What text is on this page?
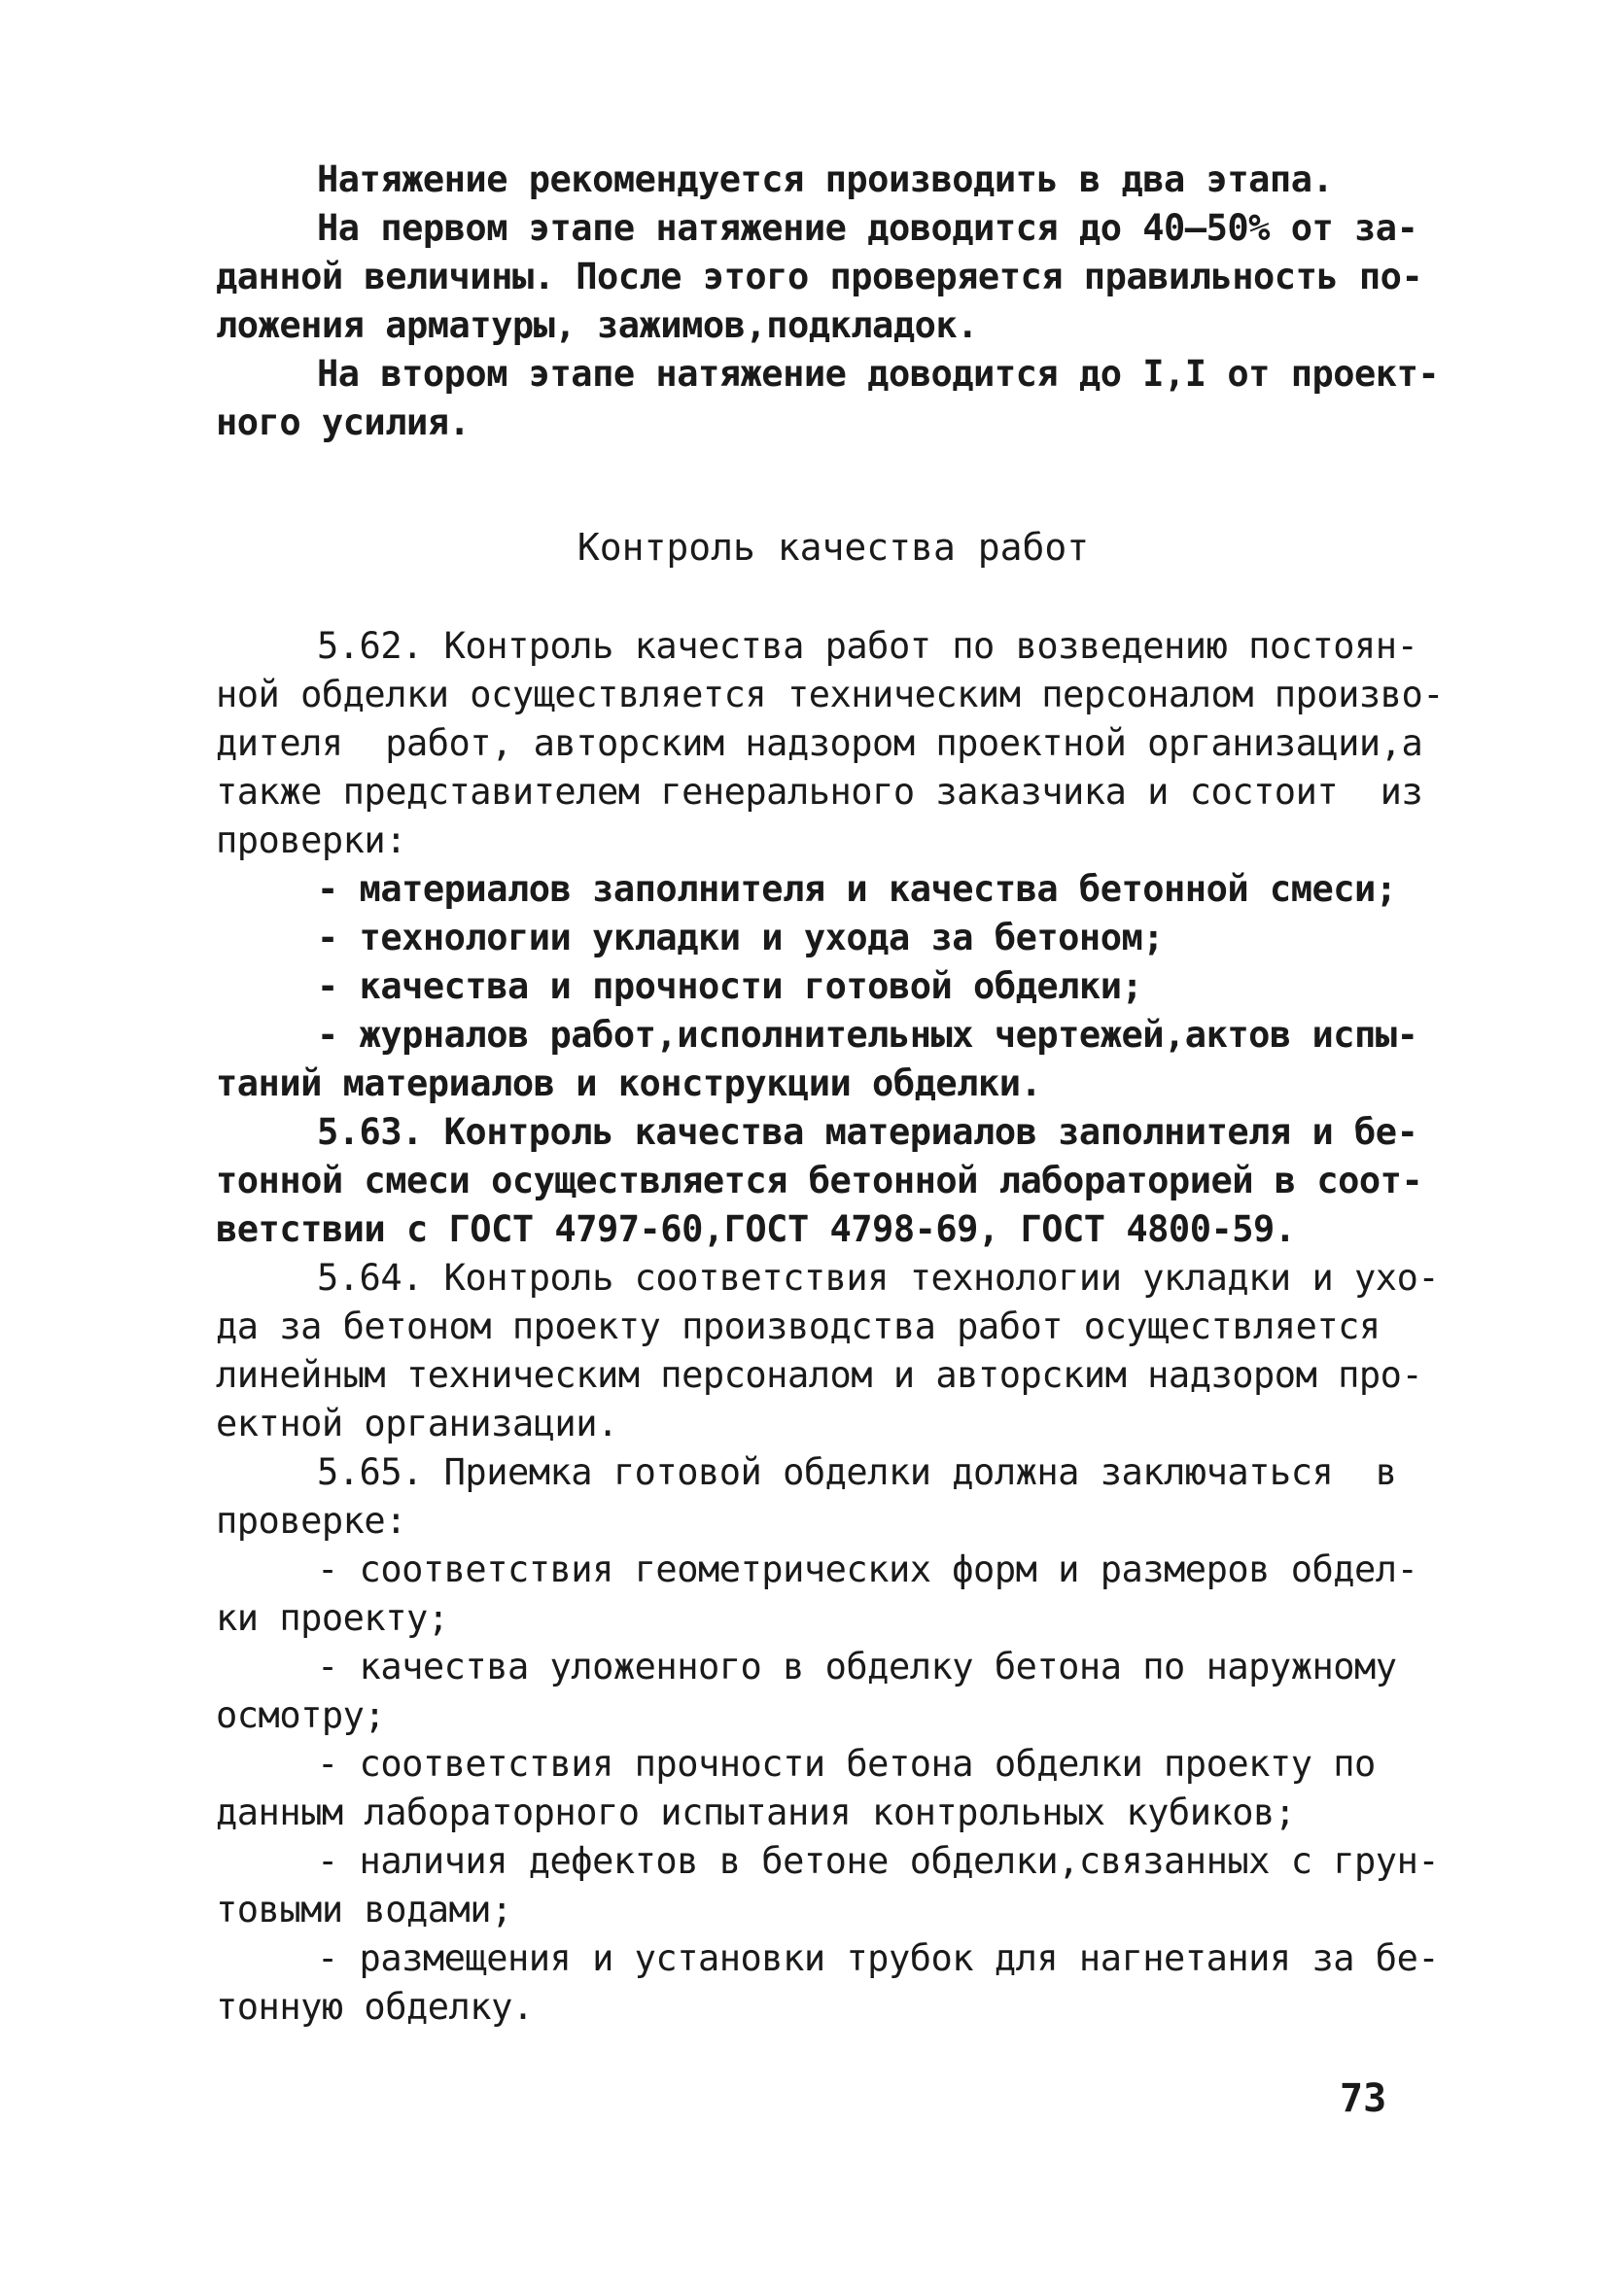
Натяжение рекомендуется производить в два этапа.
На первом этапе натяжение доводится до 40–50% от за-
данной величины. После этого проверяется правильность по-
ложения арматуры, зажимов,подкладок.
На втором этапе натяжение доводится до I,I от проект-
ного усилия.
Контроль качества работ
5.62. Контроль качества работ по возведению постоян-
ной обделки осуществляется техническим персоналом произво-
дителя  работ, авторским надзором проектной организации,а
также представителем генерального заказчика и состоит  из
проверки:
- материалов заполнителя и качества бетонной смеси;
- технологии укладки и ухода за бетоном;
- качества и прочности готовой обделки;
- журналов работ,исполнительных чертежей,актов испы-
таний материалов и конструкции обделки.
5.63. Контроль качества материалов заполнителя и бе-
тонной смеси осуществляется бетонной лабораторией в соот-
ветствии с ГОСТ 4797-60,ГОСТ 4798-69, ГОСТ 4800-59.
5.64. Контроль соответствия технологии укладки и ухо-
да за бетоном проекту производства работ осуществляется
линейным техническим персоналом и авторским надзором про-
ектной организации.
5.65. Приемка готовой обделки должна заключаться  в
проверке:
- соответствия геометрических форм и размеров обдел-
ки проекту;
- качества уложенного в обделку бетона по наружному
осмотру;
- соответствия прочности бетона обделки проекту по
данным лабораторного испытания контрольных кубиков;
- наличия дефектов в бетоне обделки,связанных с грун-
товыми водами;
- размещения и установки трубок для нагнетания за бе-
тонную обделку.
73
